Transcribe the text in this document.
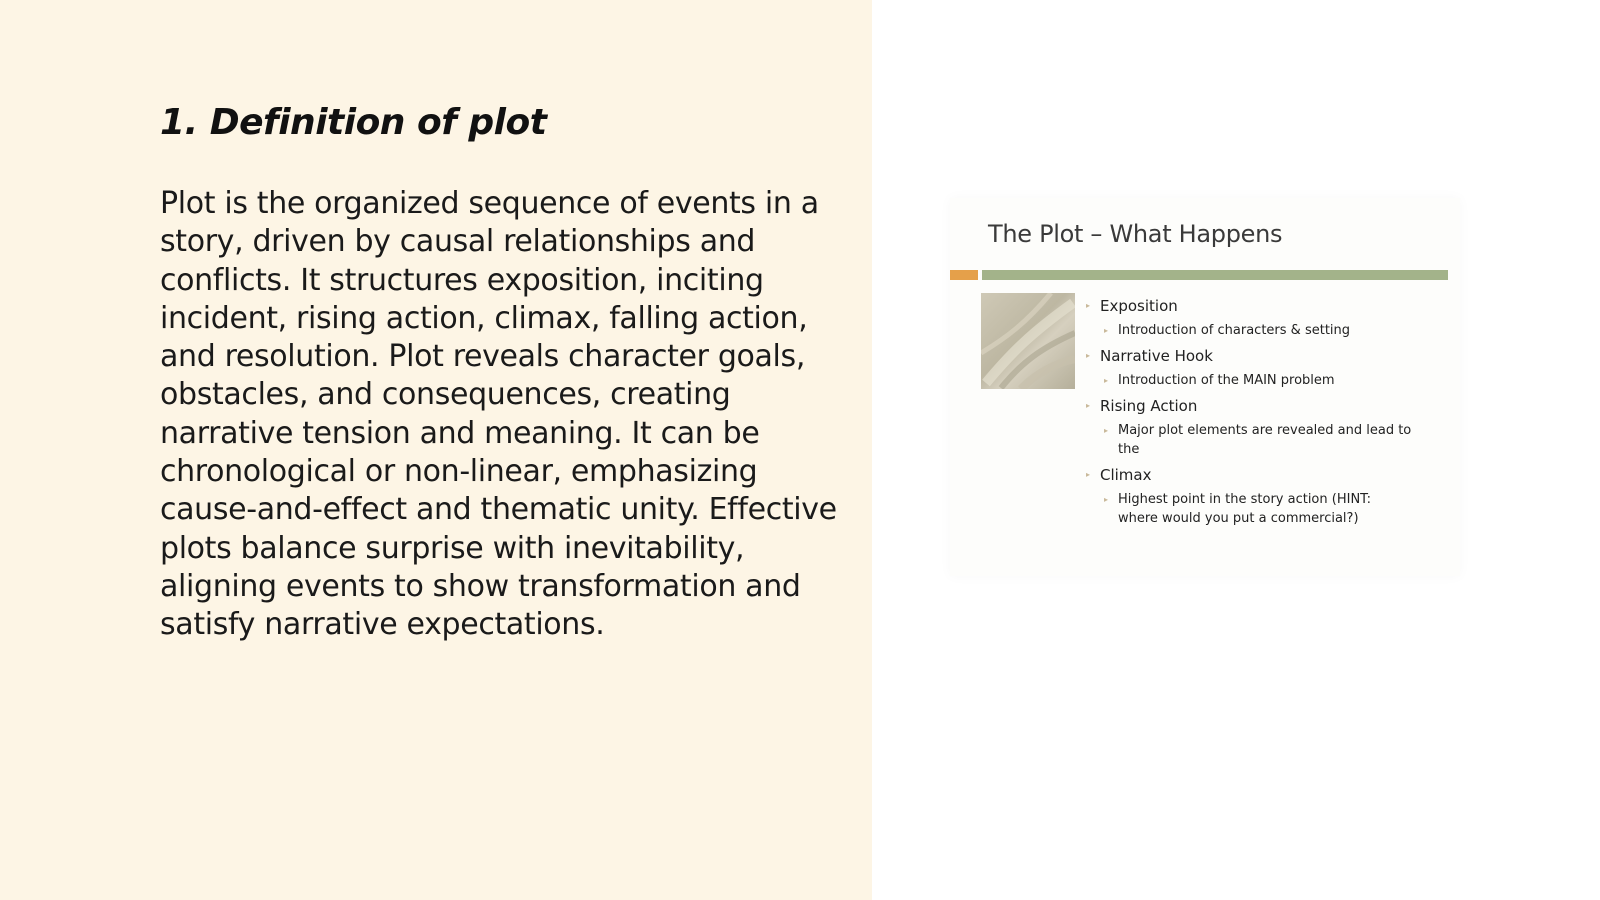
1. Definition of plot

Plot is the organized sequence of events in a story, driven by causal relationships and conflicts. It structures exposition, inciting incident, rising action, climax, falling action, and resolution. Plot reveals character goals, obstacles, and consequences, creating narrative tension and meaning. It can be chronological or non-linear, emphasizing cause-and-effect and thematic unity. Effective plots balance surprise with inevitability, aligning events to show transformation and satisfy narrative expectations.

The Plot – What Happens
▸ Exposition
▸ Introduction of characters & setting
▸ Narrative Hook
▸ Introduction of the MAIN problem
▸ Rising Action
▸ Major plot elements are revealed and lead to the
▸ Climax
▸ Highest point in the story action (HINT: where would you put a commercial?)
